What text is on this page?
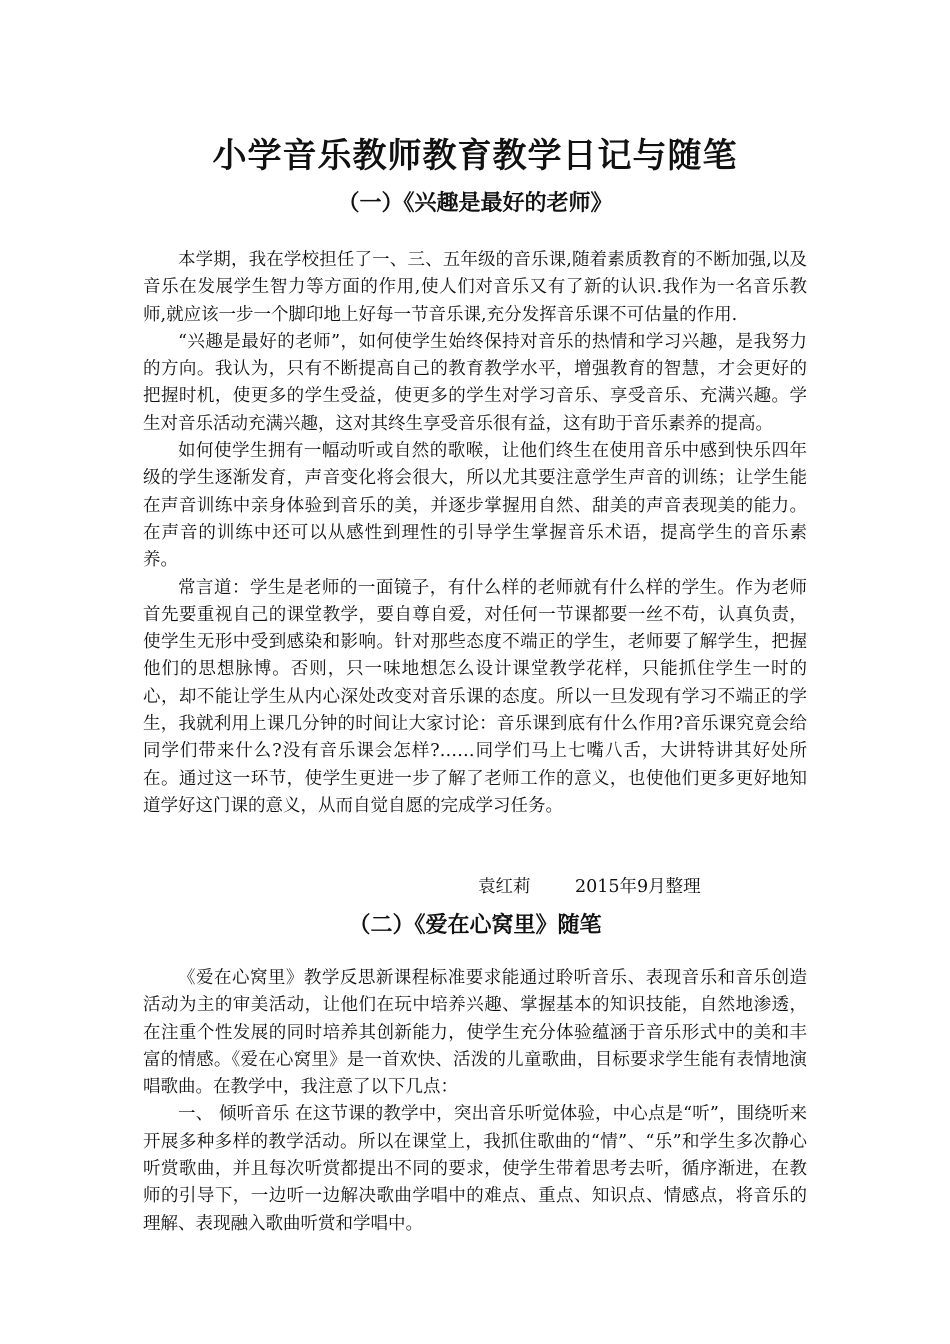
小学音乐教师教育教学日记与随笔
（一）《兴趣是最好的老师》

本学期，我在学校担任了一、三、五年级的音乐课,随着素质教育的不断加强,以及音乐在发展学生智力等方面的作用,使人们对音乐又有了新的认识.我作为一名音乐教师,就应该一步一个脚印地上好每一节音乐课,充分发挥音乐课不可估量的作用.

“兴趣是最好的老师”，如何使学生始终保持对音乐的热情和学习兴趣，是我努力的方向。我认为，只有不断提高自己的教育教学水平，增强教育的智慧，才会更好的把握时机，使更多的学生受益，使更多的学生对学习音乐、享受音乐、充满兴趣。学生对音乐活动充满兴趣，这对其终生享受音乐很有益，这有助于音乐素养的提高。

如何使学生拥有一幅动听或自然的歌喉，让他们终生在使用音乐中感到快乐四年级的学生逐渐发育，声音变化将会很大，所以尤其要注意学生声音的训练；让学生能在声音训练中亲身体验到音乐的美，并逐步掌握用自然、甜美的声音表现美的能力。在声音的训练中还可以从感性到理性的引导学生掌握音乐术语，提高学生的音乐素养。

常言道：学生是老师的一面镜子，有什么样的老师就有什么样的学生。作为老师首先要重视自己的课堂教学，要自尊自爱，对任何一节课都要一丝不苟，认真负责，使学生无形中受到感染和影响。针对那些态度不端正的学生，老师要了解学生，把握他们的思想脉博。否则，只一味地想怎么设计课堂教学花样，只能抓住学生一时的心，却不能让学生从内心深处改变对音乐课的态度。所以一旦发现有学习不端正的学生，我就利用上课几分钟的时间让大家讨论：音乐课到底有什么作用?音乐课究竟会给同学们带来什么?没有音乐课会怎样?……同学们马上七嘴八舌，大讲特讲其好处所在。通过这一环节，使学生更进一步了解了老师工作的意义，也使他们更多更好地知道学好这门课的意义，从而自觉自愿的完成学习任务。

袁红莉        2015年9月整理
（二）《爱在心窝里》随笔

《爱在心窝里》教学反思新课程标准要求能通过聆听音乐、表现音乐和音乐创造活动为主的审美活动，让他们在玩中培养兴趣、掌握基本的知识技能，自然地渗透，在注重个性发展的同时培养其创新能力，使学生充分体验蕴涵于音乐形式中的美和丰富的情感。《爱在心窝里》是一首欢快、活泼的儿童歌曲，目标要求学生能有表情地演唱歌曲。在教学中，我注意了以下几点：

一、 倾听音乐 在这节课的教学中，突出音乐听觉体验，中心点是“听”，围绕听来开展多种多样的教学活动。所以在课堂上，我抓住歌曲的“情”、“乐”和学生多次静心听赏歌曲，并且每次听赏都提出不同的要求，使学生带着思考去听，循序渐进，在教师的引导下，一边听一边解决歌曲学唱中的难点、重点、知识点、情感点，将音乐的理解、表现融入歌曲听赏和学唱中。
